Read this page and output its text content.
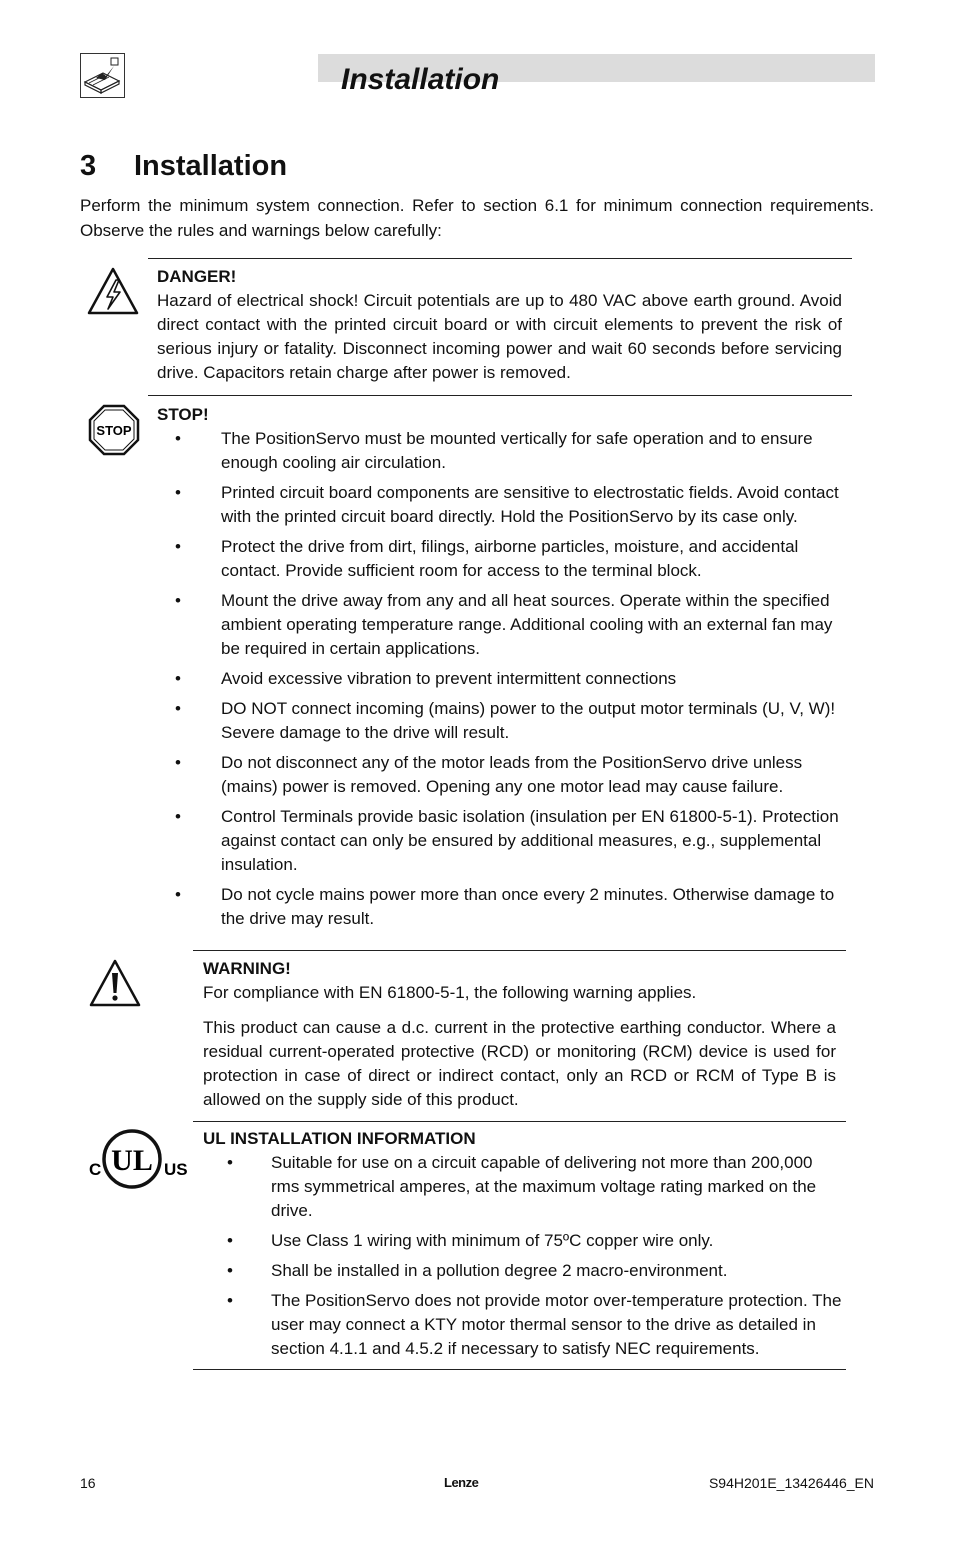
Installation
3 Installation
Perform the minimum system connection. Refer to section 6.1 for minimum connection requirements. Observe the rules and warnings below carefully:
DANGER!

Hazard of electrical shock! Circuit potentials are up to 480 VAC above earth ground. Avoid direct contact with the printed circuit board or with circuit elements to prevent the risk of serious injury or fatality. Disconnect incoming power and wait 60 seconds before servicing drive. Capacitors retain charge after power is removed.

STOP
STOP!
• The PositionServo must be mounted vertically for safe operation and to ensure enough cooling air circulation.
• Printed circuit board components are sensitive to electrostatic fields. Avoid contact with the printed circuit board directly. Hold the PositionServo by its case only.
• Protect the drive from dirt, filings, airborne particles, moisture, and accidental contact. Provide sufficient room for access to the terminal block.
• Mount the drive away from any and all heat sources. Operate within the specified ambient operating temperature range. Additional cooling with an external fan may be required in certain applications.
• Avoid excessive vibration to prevent intermittent connections
• DO NOT connect incoming (mains) power to the output motor terminals (U, V, W)! Severe damage to the drive will result.
• Do not disconnect any of the motor leads from the PositionServo drive unless (mains) power is removed. Opening any one motor lead may cause failure.
• Control Terminals provide basic isolation (insulation per EN 61800-5-1). Protection against contact can only be ensured by additional measures, e.g., supplemental insulation.
• Do not cycle mains power more than once every 2 minutes. Otherwise damage to the drive may result.
WARNING!

For compliance with EN 61800-5-1, the following warning applies.

This product can cause a d.c. current in the protective earthing conductor. Where a residual current-operated protective (RCD) or monitoring (RCM) device is used for protection in case of direct or indirect contact, only an RCD or RCM of Type B is allowed on the supply side of this product.

UL
C	US
UL INSTALLATION INFORMATION
• Suitable for use on a circuit capable of delivering not more than 200,000 rms symmetrical amperes, at the maximum voltage rating marked on the drive.
• Use Class 1 wiring with minimum of 75ºC copper wire only.
• Shall be installed in a pollution degree 2 macro-environment.
• The PositionServo does not provide motor over-temperature protection. The user may connect a KTY motor thermal sensor to the drive as detailed in section 4.1.1 and 4.5.2 if necessary to satisfy NEC requirements.
16	Lenze	S94H201E_13426446_EN
